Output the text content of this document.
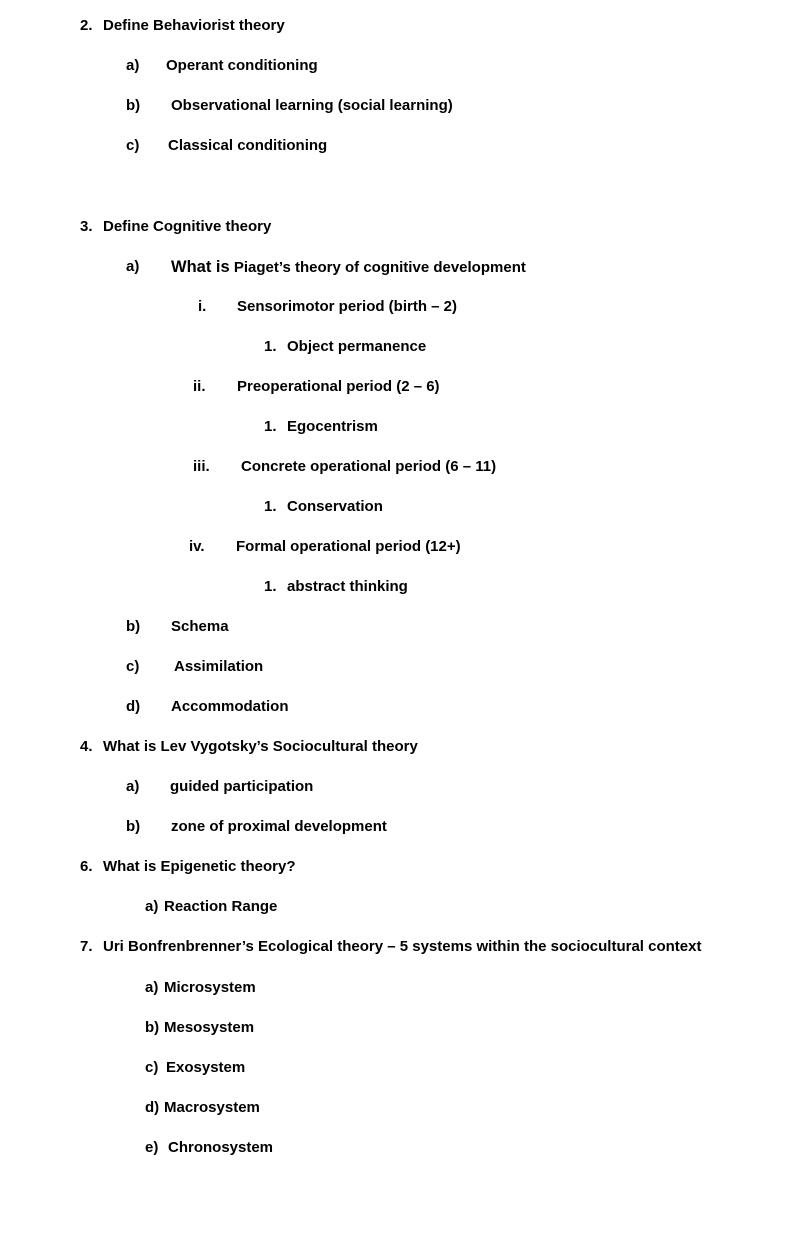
2. Define Behaviorist theory
a) Operant conditioning
b) Observational learning (social learning)
c) Classical conditioning
3. Define Cognitive theory
a) What is Piaget’s theory of cognitive development
i. Sensorimotor period (birth – 2)
1. Object permanence
ii. Preoperational period (2 – 6)
1. Egocentrism
iii. Concrete operational period (6 – 11)
1. Conservation
iv. Formal operational period (12+)
1. abstract thinking
b) Schema
c) Assimilation
d) Accommodation
4. What is Lev Vygotsky’s Sociocultural theory
a) guided participation
b) zone of proximal development
6. What is Epigenetic theory?
a) Reaction Range
7. Uri Bonfrenbrenner’s Ecological theory – 5 systems within the sociocultural context
a) Microsystem
b) Mesosystem
c) Exosystem
d) Macrosystem
e) Chronosystem
